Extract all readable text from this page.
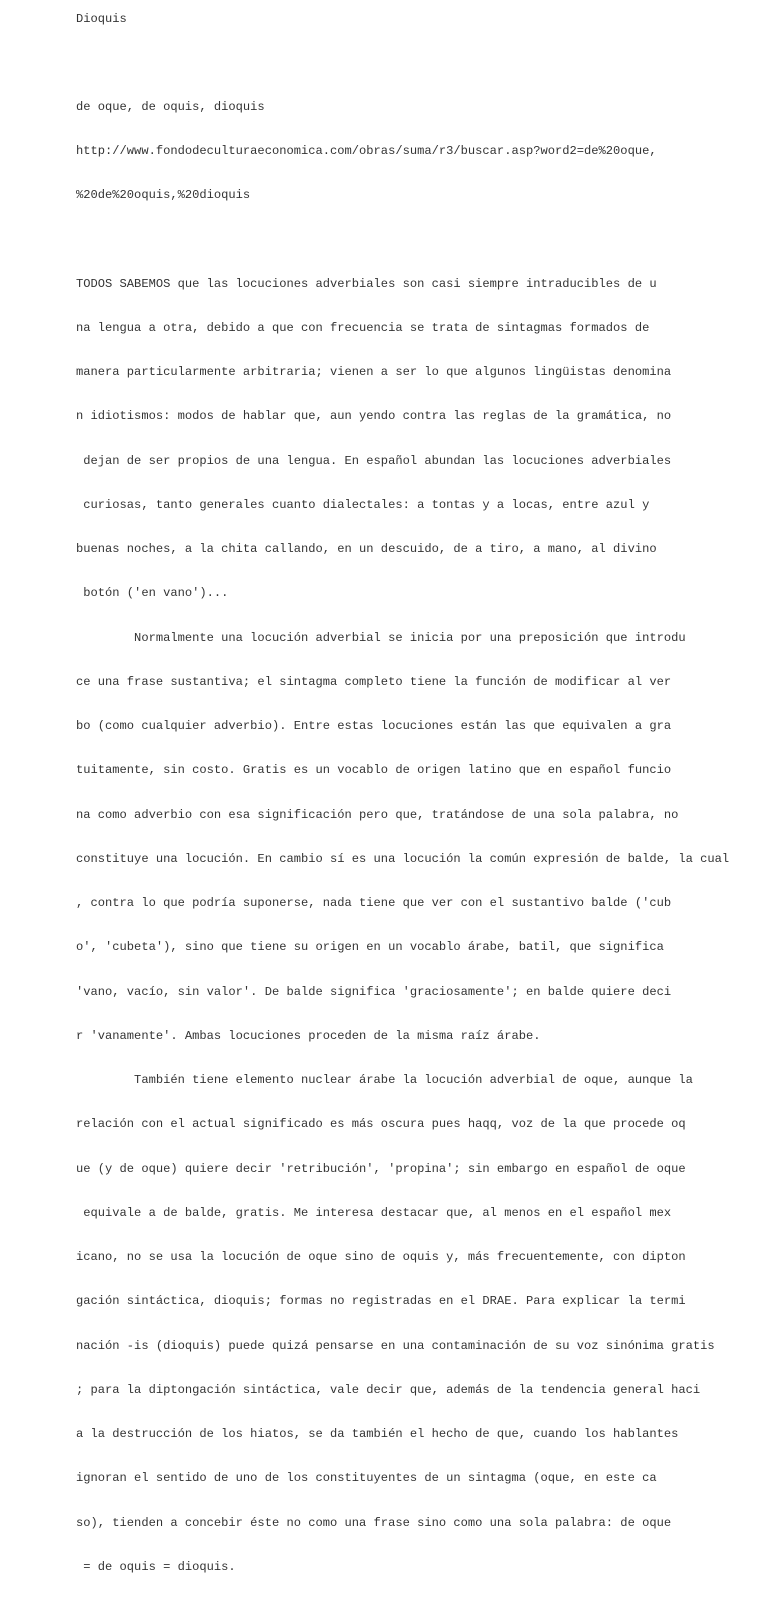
Dioquis

de oque, de oquis, dioquis

http://www.fondodeculturaeconomica.com/obras/suma/r3/buscar.asp?word2=de%20oque,

%20de%20oquis,%20dioquis

TODOS SABEMOS que las locuciones adverbiales son casi siempre intraducibles de u

na lengua a otra, debido a que con frecuencia se trata de sintagmas formados de

manera particularmente arbitraria; vienen a ser lo que algunos lingüistas denomina

n idiotismos: modos de hablar que, aun yendo contra las reglas de la gramática, no

dejan de ser propios de una lengua. En español abundan las locuciones adverbiales

curiosas, tanto generales cuanto dialectales: a tontas y a locas, entre azul y

buenas noches, a la chita callando, en un descuido, de a tiro, a mano, al divino

botón ('en vano')...

Normalmente una locución adverbial se inicia por una preposición que introdu

ce una frase sustantiva; el sintagma completo tiene la función de modificar al ver

bo (como cualquier adverbio). Entre estas locuciones están las que equivalen a gra

tuitamente, sin costo. Gratis es un vocablo de origen latino que en español funcio

na como adverbio con esa significación pero que, tratándose de una sola palabra, no

constituye una locución. En cambio sí es una locución la común expresión de balde, la cual

, contra lo que podría suponerse, nada tiene que ver con el sustantivo balde ('cub

o', 'cubeta'), sino que tiene su origen en un vocablo árabe, batil, que significa

'vano, vacío, sin valor'. De balde significa 'graciosamente'; en balde quiere deci

r 'vanamente'. Ambas locuciones proceden de la misma raíz árabe.

También tiene elemento nuclear árabe la locución adverbial de oque, aunque la

relación con el actual significado es más oscura pues haqq, voz de la que procede oq

ue (y de oque) quiere decir 'retribución', 'propina'; sin embargo en español de oque

equivale a de balde, gratis. Me interesa destacar que, al menos en el español mex

icano, no se usa la locución de oque sino de oquis y, más frecuentemente, con dipton

gación sintáctica, dioquis; formas no registradas en el DRAE. Para explicar la termi

nación -is (dioquis) puede quizá pensarse en una contaminación de su voz sinónima gratis

; para la diptongación sintáctica, vale decir que, además de la tendencia general haci

a la destrucción de los hiatos, se da también el hecho de que, cuando los hablantes

ignoran el sentido de uno de los constituyentes de un sintagma (oque, en este ca

so), tienden a concebir éste no como una frase sino como una sola palabra: de oque

= de oquis = dioquis.
